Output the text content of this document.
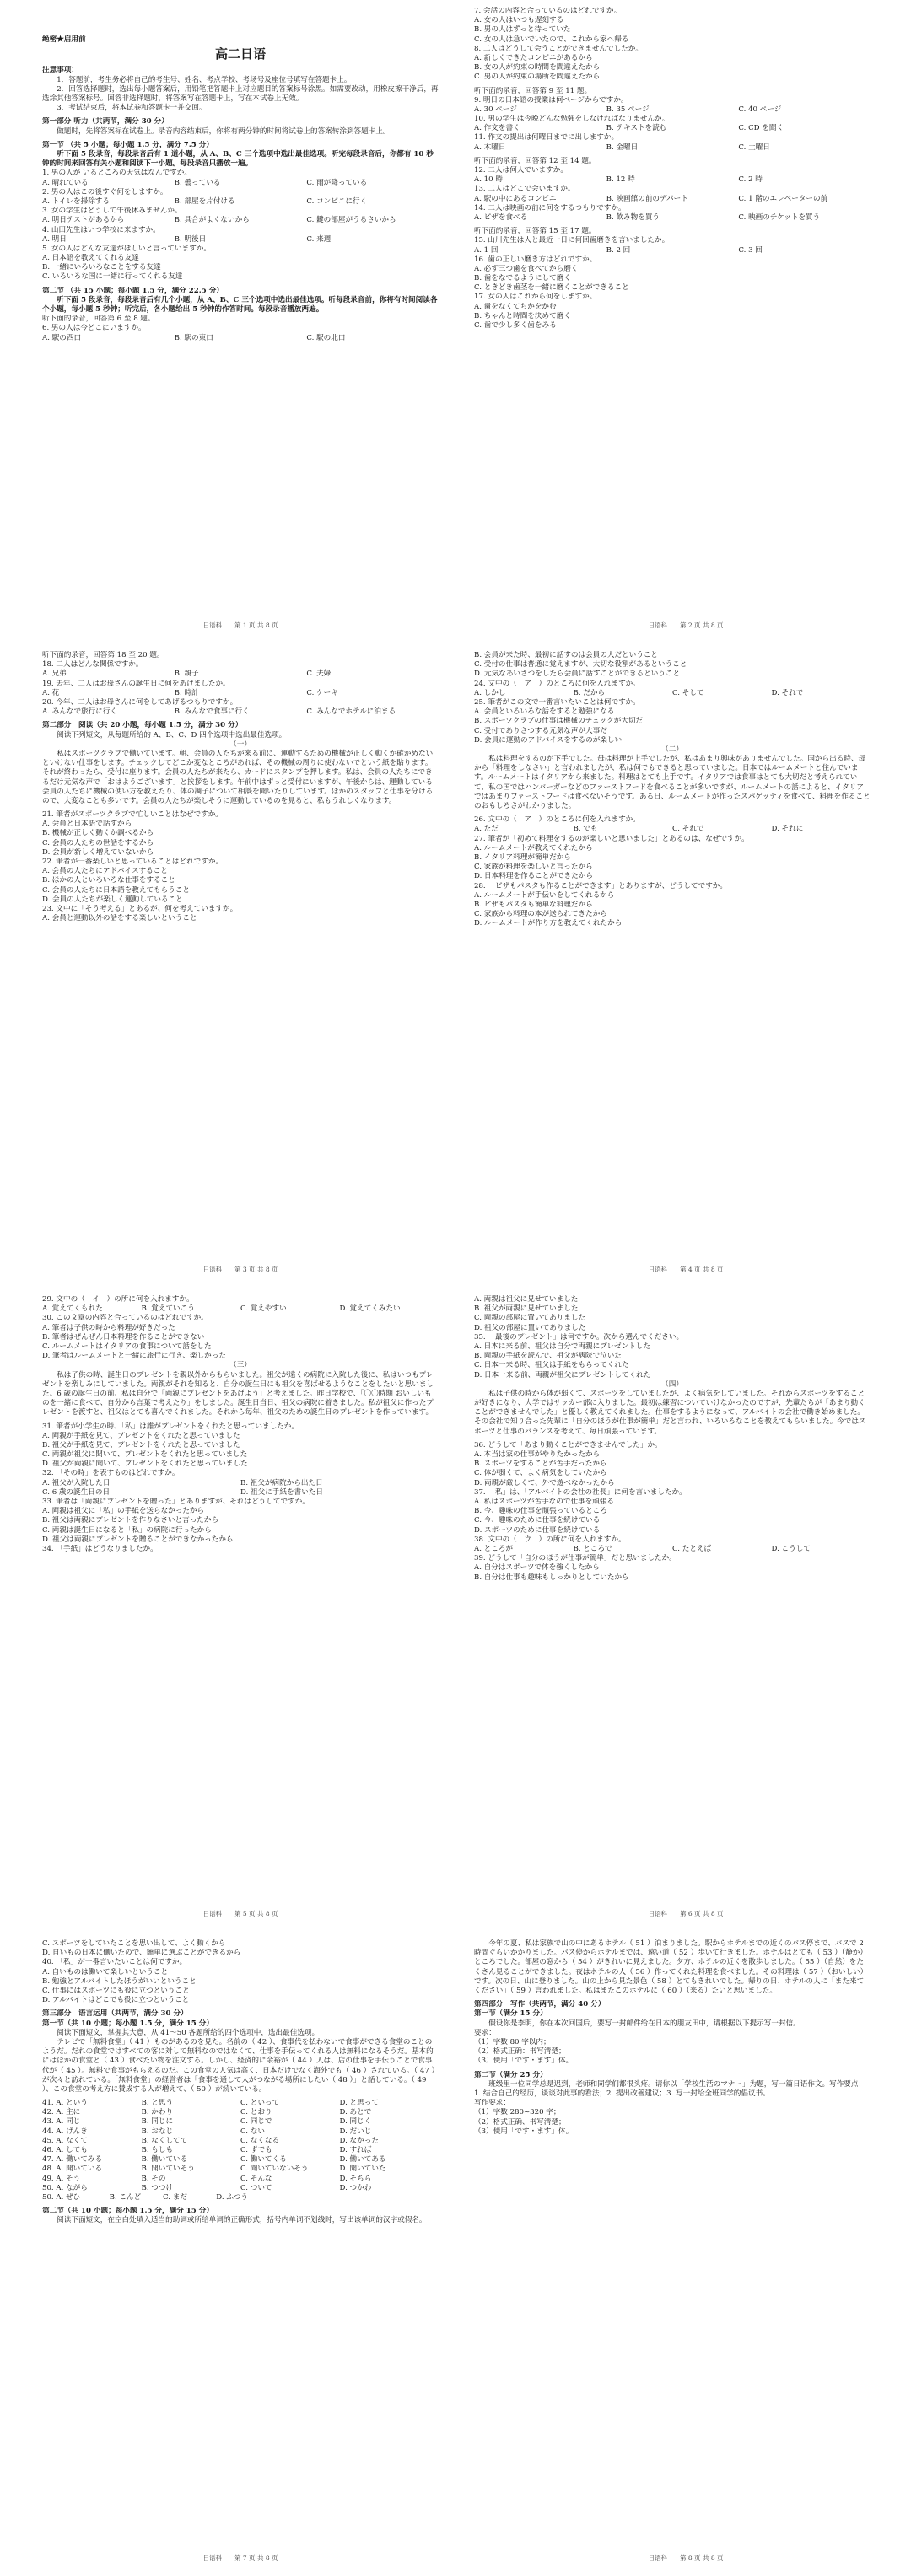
绝密★启用前
高二日语
注意事项：
1．答题前，考生务必将自己的考生号、姓名、考点学校、考场号及座位号填写在答题卡上。
2．回答选择题时，选出每小题答案后，用铅笔把答题卡上对应题目的答案标号涂黑。如需要改动，用橡皮擦干净后，再选涂其他答案标号。回答非选择题时，将答案写在答题卡上，写在本试卷上无效。
3．考试结束后，将本试卷和答题卡一并交回。
第一部分 听力（共两节，满分 30 分）
做题时，先将答案标在试卷上。录音内容结束后，你将有两分钟的时间将试卷上的答案转涂到答题卡上。
第一节 （共 5 小题；每小题 1.5 分，满分 7.5 分）
听下面 5 段录音，每段录音后有 1 道小题，从 A、B、C 三个选项中选出最佳选项。听完每段录音后，你都有 10 秒钟的时间来回答有关小题和阅读下一小题。每段录音只播放一遍。
1. 男の人が いるところの天気はなんですか。
A. 晴れている	B. 曇っている	C. 雨が降っている
2. 男の人はこの後すぐ何をしますか。
A. トイレを掃除する	B. 部屋を片付ける	C. コンビニに行く
3. 女の学生はどうして午後休みませんか。
A. 明日テストがあるから	B. 具合がよくないから	C. 鍵の部屋がうるさいから
4. 山田先生はいつ学校に来ますか。
A. 明日	B. 明後日	C. 来週
5. 女の人はどんな友達がほしいと言っていますか。
A. 日本語を教えてくれる友達
B. 一緒にいろいろなことをする友達
C. いろいろな国に一緒に行ってくれる友達
第二节 （共 15 小题；每小题 1.5 分，满分 22.5 分）
听下面 5 段录音，每段录音后有几个小题，从 A、B、C 三个选项中选出最佳选项。听每段录音前，你将有时间阅读各个小题，每小题 5 秒钟；听完后，各小题给出 5 秒钟的作答时间。每段录音播放两遍。
听下面的录音，回答第 6 至 8 题。
6. 男の人は今どこにいますか。
A. 駅の西口	B. 駅の東口	C. 駅の北口
日语科　　 第 1 页 共 8 页
7. 会話の内容と合っているのはどれですか。
A. 女の人はいつも遅刻する
B. 男の人はずっと待っていた
C. 女の人は急いでいたので、これから家へ帰る
8. 二人はどうして会うことができませんでしたか。
A. 新しくできたコンビニがあるから
B. 女の人が約束の時間を間違えたから
C. 男の人が約束の場所を間違えたから
听下面的录音，回答第 9 至 11 题。
9. 明日の日本語の授業は何ページからですか。
A. 30 ページ	B. 35 ページ	C. 40 ページ
10. 男の学生は今晩どんな勉強をしなければなりませんか。
A. 作文を書く	B. テキストを読む	C. CD を聞く
11. 作文の提出は何曜日までに出しますか。
A. 木曜日	B. 金曜日	C. 土曜日
听下面的录音，回答第 12 至 14 题。
12. 二人は何人でいますか。
A. 10 時	B. 12 時	C. 2 時
13. 二人はどこで会いますか。
A. 駅の中にあるコンビニ	B. 映画館の前のデパート	C. 1 階のエレベーターの前
14. 二人は映画の前に何をするつもりですか。
A. ピザを食べる	B. 飲み物を買う	C. 映画のチケットを買う
听下面的录音，回答第 15 至 17 题。
15. 山川先生は人と最近一日に何回歯磨きを言いましたか。
A. 1 回	B. 2 回	C. 3 回
16. 歯の正しい磨き方はどれですか。
A. 必ず三つ歯を食べてから磨く
B. 歯をなでるようにして磨く
C. ときどき歯茎を一緒に磨くことができること
17. 女の人はこれから何をしますか。
A. 歯をなくてちかをかむ
B. ちゃんと時間を決めて磨く
C. 歯で少し多く歯をみる
日语科　　 第 2 页 共 8 页
听下面的录音，回答第 18 至 20 题。
18. 二人はどんな関係ですか。
A. 兄弟	B. 親子	C. 夫婦
19. 去年、二人はお母さんの誕生日に何をあげましたか。
A. 花	B. 時計	C. ケーキ
20. 今年、二人はお母さんに何をしてあげるつもりですか。
A. みんなで旅行に行く	B. みんなで食事に行く	C. みんなでホテルに泊まる
第二部分　阅读（共 20 小题，每小题 1.5 分，满分 30 分）
阅读下列短文，从每题所给的 A、B、C、D 四个选项中选出最佳选项。
（一）
私はスポーツクラブで働いています。朝、会員の人たちが来る前に、運動するための機械が正しく動くか確かめないといけない仕事をします。チェックしてどこか変なところがあれば、その機械の周りに使わないでという紙を貼ります。それが終わったら、受付に座ります。会員の人たちが来たら、カードにスタンプを押します。私は、会員の人たちにできるだけ元気な声で「おはようございます」と挨拶をします。午前中はずっと受付にいますが、午後からは、運動している会員の人たちに機械の使い方を教えたり、体の調子について相談を聞いたりしています。ほかのスタッフと仕事を分けるので、大変なことも多いです。会員の人たちが楽しそうに運動しているのを見ると、私もうれしくなります。
21. 筆者がスポーツクラブで忙しいことはなぜですか。
A. 会員と日本語で話すから
B. 機械が正しく動くか調べるから
C. 会員の人たちの世話をするから
D. 会員が新しく増えていないから
22. 筆者が一番楽しいと思っていることはどれですか。
A. 会員の人たちにアドバイスすること
B. ほかの人といろいろな仕事をすること
C. 会員の人たちに日本語を教えてもらうこと
D. 会員の人たちが楽しく運動していること
23. 文中に「そう考える」とあるが、何を考えていますか。
A. 会員と運動以外の話をする楽しいということ
日语科　　 第 3 页 共 8 页
B. 会員が来た時、最初に話すのは会員の人だということ
C. 受付の仕事は普通に覚えますが、大切な役割があるということ
D. 元気なあいさつをしたら会員に話すことができるということ
24. 文中の（　ア　）のところに何を入れますか。
A. しかし	B. だから	C. そして	D. それで
25. 筆者がこの文で一番言いたいことは何ですか。
A. 会員といろいろな話をすると勉強になる
B. スポーツクラブの仕事は機械のチェックが大切だ
C. 受付でありさつする元気な声が大事だ
D. 会員に運動のアドバイスをするのが楽しい
（二）
私は料理をするのが下手でした。母は料理が上手でしたが、私はあまり興味がありませんでした。国から出る時、母から「料理をしなさい」と言われましたが、私は何でもできると思っていました。日本ではルームメートと住んでいます。ルームメートはイタリアから来ました。料理はとても上手です。イタリアでは食事はとても大切だと考えられていて、私の国ではハンバーガーなどのファーストフードを食べることが多いですが、ルームメートの話によると、イタリアではあまりファーストフードは食べないそうです。ある日、ルームメートが作ったスパゲッティを食べて、料理を作ることのおもしろさがわかりました。
26. 文中の（　ア　）のところに何を入れますか。
A. ただ	B. でも	C. それで	D. それに
27. 筆者が「初めて料理をするのが楽しいと思いました」とあるのは、なぜですか。
A. ルームメートが教えてくれたから
B. イタリア料理が簡単だから
C. 家族が料理を楽しいと言ったから
D. 日本料理を作ることができたから
28. 「ピザもパスタも作ることができます」とありますが、どうしてですか。
A. ルームメートが手伝いをしてくれるから
B. ピザもパスタも簡単な料理だから
C. 家族から料理の本が送られてきたから
D. ルームメートが作り方を教えてくれたから
日语科　　 第 4 页 共 8 页
29. 文中の（　イ　）の所に何を入れますか。
A. 覚えてくもれた	B. 覚えていこう	C. 覚えやすい	D. 覚えてくみたい
30. この文章の内容と合っているのはどれですか。
A. 筆者は子供の時から料理が好きだった
B. 筆者はぜんぜん日本料理を作ることができない
C. ルームメートはイタリアの食事について話をした
D. 筆者はルームメートと一緒に旅行に行き、楽しかった
（三）
私は子供の時、誕生日のプレゼントを親以外からもらいました。祖父が遠くの病院に入院した後に、私はいつもプレゼントを楽しみにしていました。両親がそれを知ると、自分の誕生日にも祖父を喜ばせるようなことをしたいと思いました。6 歳の誕生日の前、私は自分で「両親にプレゼントをあげよう」と考えました。昨日学校で、「〇〇時期 おいしいものを一緒に食べて、自分から言葉で考えたり」をしました。誕生日当日、祖父の病院に着きました。私が祖父に作ったプレゼントを渡すと、祖父はとても喜んでくれました。それから毎年、祖父のための誕生日のプレゼントを作っています。
31. 筆者が小学生の時、「私」は誰がプレゼントをくれたと思っていましたか。
A. 両親が手紙を見て、プレゼントをくれたと思っていました
B. 祖父が手紙を見て、プレゼントをくれたと思っていました
C. 両親が祖父に聞いて、プレゼントをくれたと思っていました
D. 祖父が両親に聞いて、プレゼントをくれたと思っていました
32. 「その時」を表すものはどれですか。
A. 祖父が入院した日	B. 祖父が病院から出た日
C. 6 歳の誕生日の日	D. 祖父に手紙を書いた日
33. 筆者は「両親にプレゼントを贈った」とありますが、それはどうしてですか。
A. 両親は祖父に「私」の手紙を送らなかったから
B. 祖父は両親にプレゼントを作りなさいと言ったから
C. 両親は誕生日になると「私」の病院に行ったから
D. 祖父は両親にプレゼントを贈ることができなかったから
34. 「手紙」はどうなりましたか。
日语科　　 第 5 页 共 8 页
A. 両親は祖父に見せていました
B. 祖父が両親に見せていました
C. 両親の部屋に置いてありました
D. 祖父の部屋に置いてありました
35. 「最後のプレゼント」は何ですか。次から選んでください。
A. 日本に来る前、祖父は自分で両親にプレゼントした
B. 両親の手紙を読んで、祖父が病院で泣いた
C. 日本一来る時、祖父は手紙をもらってくれた
D. 日本一来る前、両親が祖父にプレゼントしてくれた
（四）
私は子供の時から体が弱くて、スポーツをしていましたが、よく病気をしていました。それからスポーツをすることが好きになり、大学ではサッカー部に入りました。最初は練習についていけなかったのですが、先輩たちが「あまり動くことができませんでした」と優しく教えてくれました。仕事をするようになって、アルバイトの会社で働き始めました。その会社で知り合った先輩に「自分のほうが仕事が簡単」だと言われ、いろいろなことを教えてもらいました。今ではスポーツと仕事のバランスを考えて、毎日頑張っています。
36. どうして「あまり動くことができませんでした」か。
A. 本当は家の仕事がやりたかったから
B. スポーツをすることが苦手だったから
C. 体が弱くて、よく病気をしていたから
D. 両親が厳しくて、外で遊べなかったから
37. 「私」は、「アルバイトの会社の社長」に何を言いましたか。
A. 私はスポーツが苦手なので仕事を頑張る
B. 今、趣味の仕事を頑張っているところ
C. 今、趣味のために仕事を続けている
D. スポーツのために仕事を続けている
38. 文中の（　ウ　）の所に何を入れますか。
A. ところが	B. ところで	C. たとえば	D. こうして
39. どうして「自分のほうが仕事が簡単」だと思いましたか。
A. 自分はスポーツで体を強くしたから
B. 自分は仕事も趣味もしっかりとしていたから
日语科　　 第 6 页 共 8 页
C. スポーツをしていたことを思い出して、よく動くから
D. 自いもの日本に働いたので、簡単に選ぶことができるから
40. 「私」が一番言いたいことは何ですか。
A. 自いものは働いて楽しいということ
B. 勉強とアルバイトしたほうがいいということ
C. 仕事にはスポーツにも役に立つということ
D. アルバイトはどこでも役に立つということ
第三部分　语言运用（共两节，满分 30 分）
第一节（共 10 小题；每小题 1.5 分，满分 15 分）
阅读下面短文，掌握其大意，从 41～50 各题所给的四个选项中，选出最佳选项。
テレビで「無料食堂」（ 41 ）ものがあるのを見た。名前の（ 42 ）、食事代を払わないで食事ができる食堂のことのようだ。だれの食堂ではすべての客に対して無料なのではなくて、仕事を手伝ってくれる人は無料になるそうだ。基本的にはほかの食堂と（ 43 ）食べたい物を注文する。しかし、経済的に余裕が（ 44 ）人は、店の仕事を手伝うことで食事代が（ 45 ）。無料で食事がもらえるのだ。この食堂の人気は高く、日本だけでなく海外でも（ 46 ）されている。（ 47 ）が次々と訪れている。「無料食堂」の経営者は「食事を通して人がつながる場所にしたい（ 48 ）」と話している。（ 49 ）、この食堂の考え方に賛成する人が増えて、（ 50 ）が続いている。
41. A. という	B. と思う	C. といって	D. と思って
42. A. 主に	B. かわり	C. とおり	D. あとで
43. A. 同じ	B. 同じに	C. 同じで	D. 同じく
44. A. げんき	B. おなじ	C. ない	D. だいじ
45. A. なくて	B. なくしてて	C. なくなる	D. なかった
46. A. しても	B. もしも	C. ずでも	D. すれば
47. A. 働いてみる	B. 働いている	C. 働いてくる	D. 働いてある
48. A. 聞いている	B. 聞いていそう	C. 聞いていないそう	D. 聞いていた
49. A. そう	B. その	C. そんな	D. そちら
50. A. ながら	B. つつけ	C. ついて	D. つかわ
50. A. ぜひ　　　　B. こんど　　　C. まだ　　　　D. ふつう
第二节（共 10 小题；每小题 1.5 分，满分 15 分）
阅读下面短文，在空白处填入适当的助词或所给单词的正确形式，括号内单词不划线时，写出该单词的汉字或假名。
日语科　　 第 7 页 共 8 页
今年の夏、私は家族で山の中にあるホテル（ 51 ）泊まりました。駅からホテルまでの近くのバス停まで、バスで 2 時間ぐらいかかりました。バス停からホテルまでは、遠い道（ 52 ）歩いて行きました。ホテルはとても（ 53 ）（静か）ところでした。部屋の窓から（ 54 ）がきれいに見えました。夕方、ホテルの近くを散歩しました。（ 55 ）（自然）をたくさん見ることができました。夜はホテルの人（ 56 ）作ってくれた料理を食べました。その料理は（ 57 ）（おいしい）です。次の日、山に登りました。山の上から見た景色（ 58 ）とてもきれいでした。帰りの日、ホテルの人に「また来てください」（ 59 ）言われました。私はまたこのホテルに（ 60 ）（来る）たいと思いました。
第四部分　写作（共两节，满分 40 分）
第一节（满分 15 分）
假设你是李明，你在本次回国后，要写一封邮件给在日本的朋友田中，请根据以下提示写一封信。
要求：
（1）字数 80 字以内；
（2）格式正确：书写清楚；
（3）使用「です・ます」体。
第二节（满分 25 分）
班级里一位同学总是迟到，老师和同学们都很头疼。请你以「学校生活のマナー」为题，写一篇日语作文。写作要点：1. 结合自己的经历，谈谈对此事的看法；2. 提出改善建议；3. 写一封给全班同学的倡议书。
写作要求：
（1）字数 280~320 字；
（2）格式正确、书写清楚；
（3）使用「です・ます」体。
日语科　　 第 8 页 共 8 页
